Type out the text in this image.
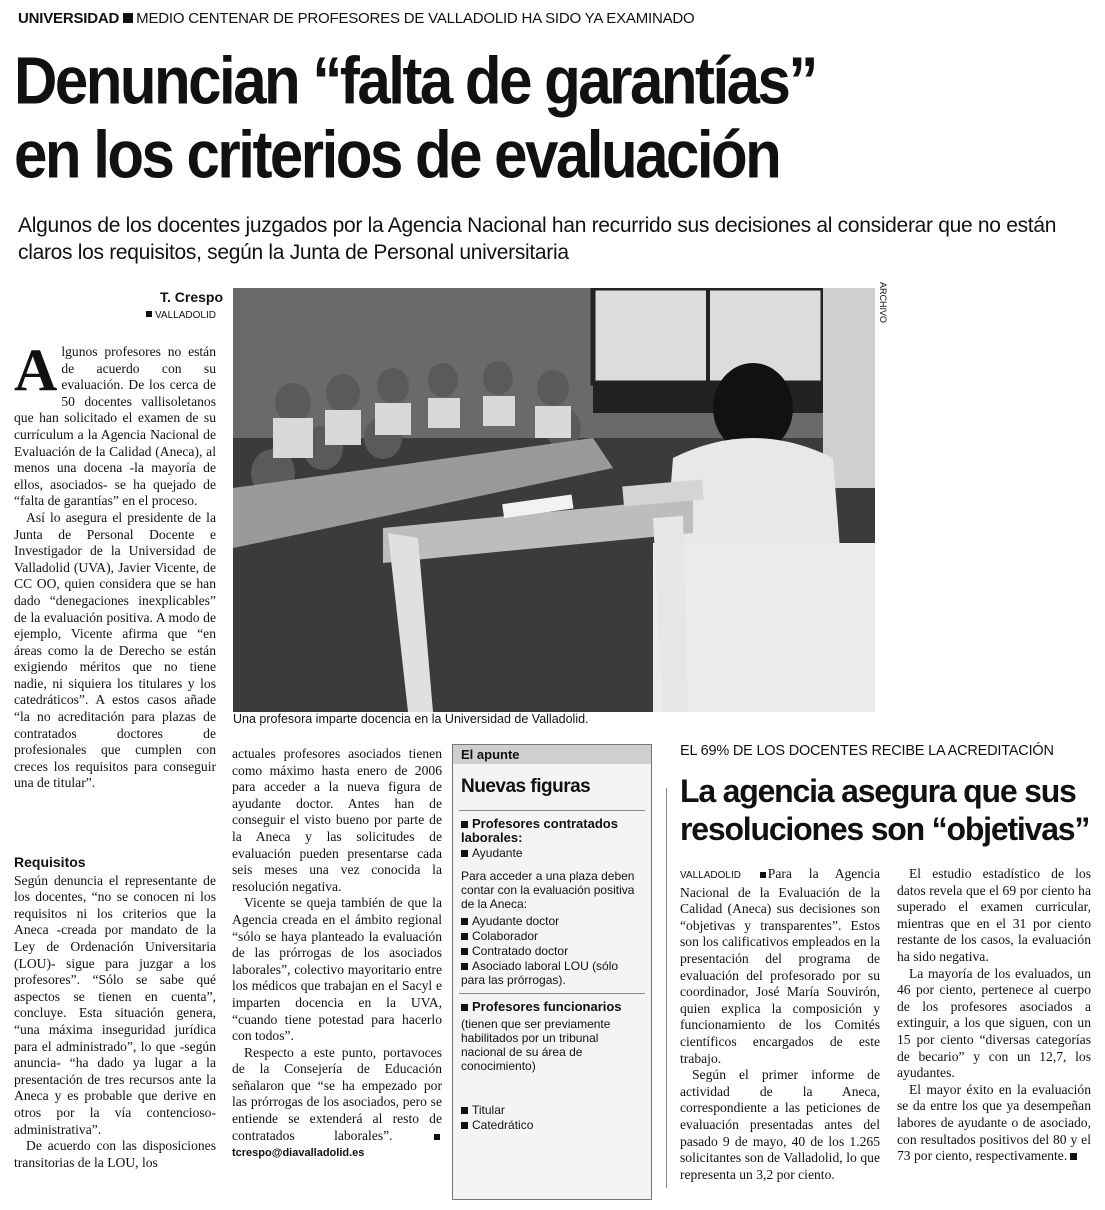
UNIVERSIDAD MEDIO CENTENAR DE PROFESORES DE VALLADOLID HA SIDO YA EXAMINADO
Denuncian “falta de garantías”
en los criterios de evaluación
Algunos de los docentes juzgados por la Agencia Nacional han recurrido sus decisiones al considerar que no están claros los requisitos, según la Junta de Personal universitaria
T. Crespo
VALLADOLID	ARCHIVO
Una profesora imparte docencia en la Universidad de Valladolid.

Algunos profesores no están de acuerdo con su evaluación. De los cerca de 50 docentes vallisoletanos que han solicitado el examen de su currículum a la Agencia Nacional de Evaluación de la Calidad (Aneca), al menos una docena -la mayoría de ellos, asociados- se ha quejado de “falta de garantías” en el proceso.

Así lo asegura el presidente de la Junta de Personal Docente e Investigador de la Universidad de Valladolid (UVA), Javier Vicente, de CC OO, quien considera que se han dado “denegaciones inexplicables” de la evaluación positiva. A modo de ejemplo, Vicente afirma que “en áreas como la de Derecho se están exigiendo méritos que no tiene nadie, ni siquiera los titulares y los catedráticos”. A estos casos añade “la no acreditación para plazas de contratados doctores de profesionales que cumplen con creces los requisitos para conseguir una de titular”.

Requisitos

Según denuncia el representante de los docentes, “no se conocen ni los requisitos ni los criterios que la Aneca -creada por mandato de la Ley de Ordenación Universitaria (LOU)- sigue para juzgar a los profesores”. “Sólo se sabe qué aspectos se tienen en cuenta”, concluye. Esta situación genera, “una máxima inseguridad jurídica para el administrado”, lo que -según anuncia- “ha dado ya lugar a la presentación de tres recursos ante la Aneca y es probable que derive en otros por la vía contencioso-administrativa”.

De acuerdo con las disposiciones transitorias de la LOU, los

actuales profesores asociados tienen como máximo hasta enero de 2006 para acceder a la nueva figura de ayudante doctor. Antes han de conseguir el visto bueno por parte de la Aneca y las solicitudes de evaluación pueden presentarse cada seis meses una vez conocida la resolución negativa.

Vicente se queja también de que la Agencia creada en el ámbito regional “sólo se haya planteado la evaluación de las prórrogas de los asociados laborales”, colectivo mayoritario entre los médicos que trabajan en el Sacyl e imparten docencia en la UVA, “cuando tiene potestad para hacerlo con todos”.

Respecto a este punto, portavoces de la Consejería de Educación señalaron que “se ha empezado por las prórrogas de los asociados, pero se entiende se extenderá al resto de contratados laborales”. tcrespo@diavalladolid.es

El apunte
Nuevas figuras
Profesores contratados laborales:
Ayudante
Para acceder a una plaza deben contar con la evaluación positiva de la Aneca:
Ayudante doctor
Colaborador
Contratado doctor
Asociado laboral LOU (sólo para las prórrogas).
Profesores funcionarios
(tienen que ser previamente habilitados por un tribunal nacional de su área de conocimiento)
Titular
Catedrático
EL 69% DE LOS DOCENTES RECIBE LA ACREDITACIÓN
La agencia asegura que sus resoluciones son “objetivas”

VALLADOLID Para la Agencia Nacional de la Evaluación de la Calidad (Aneca) sus decisiones son “objetivas y transparentes”. Estos son los calificativos empleados en la presentación del programa de evaluación del profesorado por su coordinador, José María Souvirón, quien explica la composición y funcionamiento de los Comités científicos encargados de este trabajo.

Según el primer informe de actividad de la Aneca, correspondiente a las peticiones de evaluación presentadas antes del pasado 9 de mayo, 40 de los 1.265 solicitantes son de Valladolid, lo que representa un 3,2 por ciento.

El estudio estadístico de los datos revela que el 69 por ciento ha superado el examen curricular, mientras que en el 31 por ciento restante de los casos, la evaluación ha sido negativa.

La mayoría de los evaluados, un 46 por ciento, pertenece al cuerpo de los profesores asociados a extinguir, a los que siguen, con un 15 por ciento “diversas categorías de becario” y con un 12,7, los ayudantes.

El mayor éxito en la evaluación se da entre los que ya desempeñan labores de ayudante o de asociado, con resultados positivos del 80 y el 73 por ciento, respectivamente.
